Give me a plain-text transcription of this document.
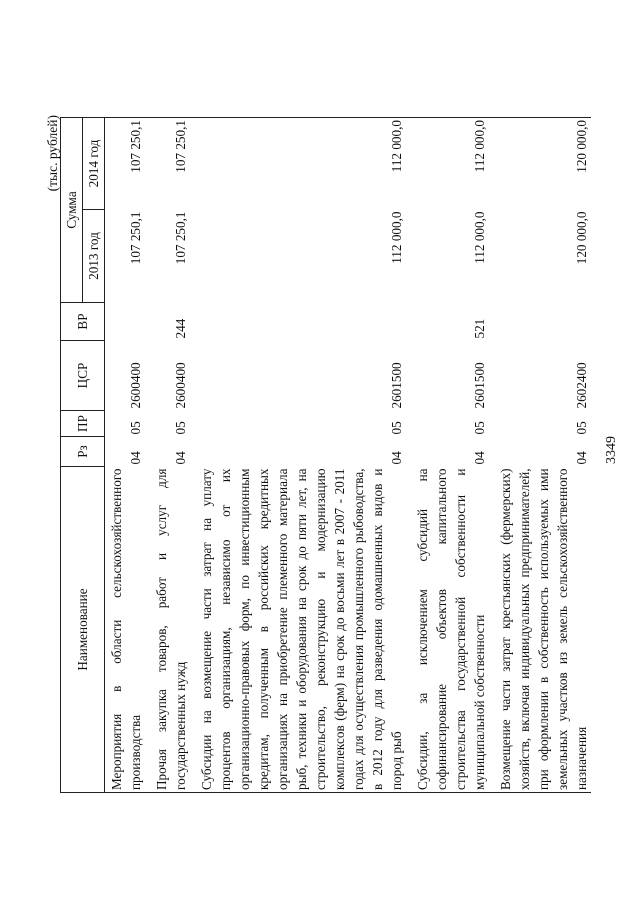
3349
(тыс. рублей)
Наименование	Рз	ПР	ЦСР	ВР	Сумма	
					2013 год	2014 год
Мероприятия в области сельскохозяйственного производства	04	05	2600400		107 250,1	107 250,1
Прочая закупка товаров, работ и услуг для государственных нужд	04	05	2600400	244	107 250,1	107 250,1
Субсидии на возмещение части затрат на уплату процентов организациям, независимо от их организационно-правовых форм, по инвестиционным кредитам, полученным в российских кредитных организациях на приобретение племенного материала рыб, техники и оборудования на срок до пяти лет, на строительство, реконструкцию и модернизацию комплексов (ферм) на срок до восьми лет в 2007 - 2011 годах для осуществления промышленного рыбоводства, в 2012 году для разведения одомашненных видов и пород рыб	04	05	2601500		112 000,0	112 000,0
Субсидии, за исключением субсидий на софинансирование объектов капитального строительства государственной собственности и муниципальной собственности	04	05	2601500	521	112 000,0	112 000,0
Возмещение части затрат крестьянских (фермерских) хозяйств, включая индивидуальных предпринимателей, при оформлении в собственность используемых ими земельных участков из земель сельскохозяйственного назначения	04	05	2602400		120 000,0	120 000,0
